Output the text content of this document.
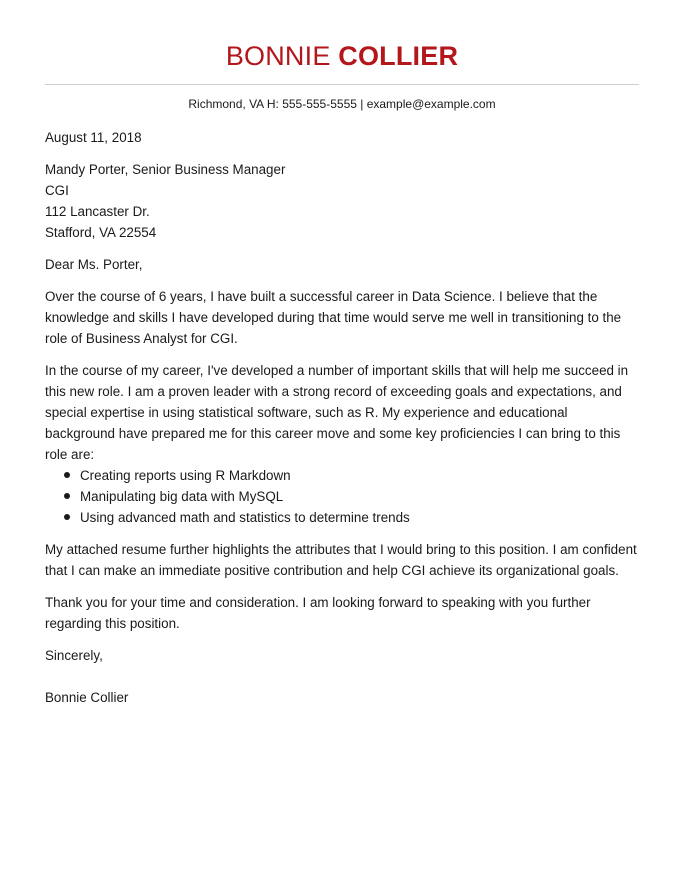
BONNIE COLLIER
Richmond, VA H: 555-555-5555 | example@example.com

August 11, 2018

Mandy Porter, Senior Business Manager

CGI

112 Lancaster Dr.

Stafford, VA 22554

Dear Ms. Porter,

Over the course of 6 years, I have built a successful career in Data Science. I believe that the knowledge and skills I have developed during that time would serve me well in transitioning to the role of Business Analyst for CGI.

In the course of my career, I've developed a number of important skills that will help me succeed in this new role. I am a proven leader with a strong record of exceeding goals and expectations, and special expertise in using statistical software, such as R. My experience and educational background have prepared me for this career move and some key proficiencies I can bring to this role are:

Creating reports using R Markdown
Manipulating big data with MySQL
Using advanced math and statistics to determine trends

My attached resume further highlights the attributes that I would bring to this position. I am confident that I can make an immediate positive contribution and help CGI achieve its organizational goals.

Thank you for your time and consideration. I am looking forward to speaking with you further regarding this position.

Sincerely,

Bonnie Collier
